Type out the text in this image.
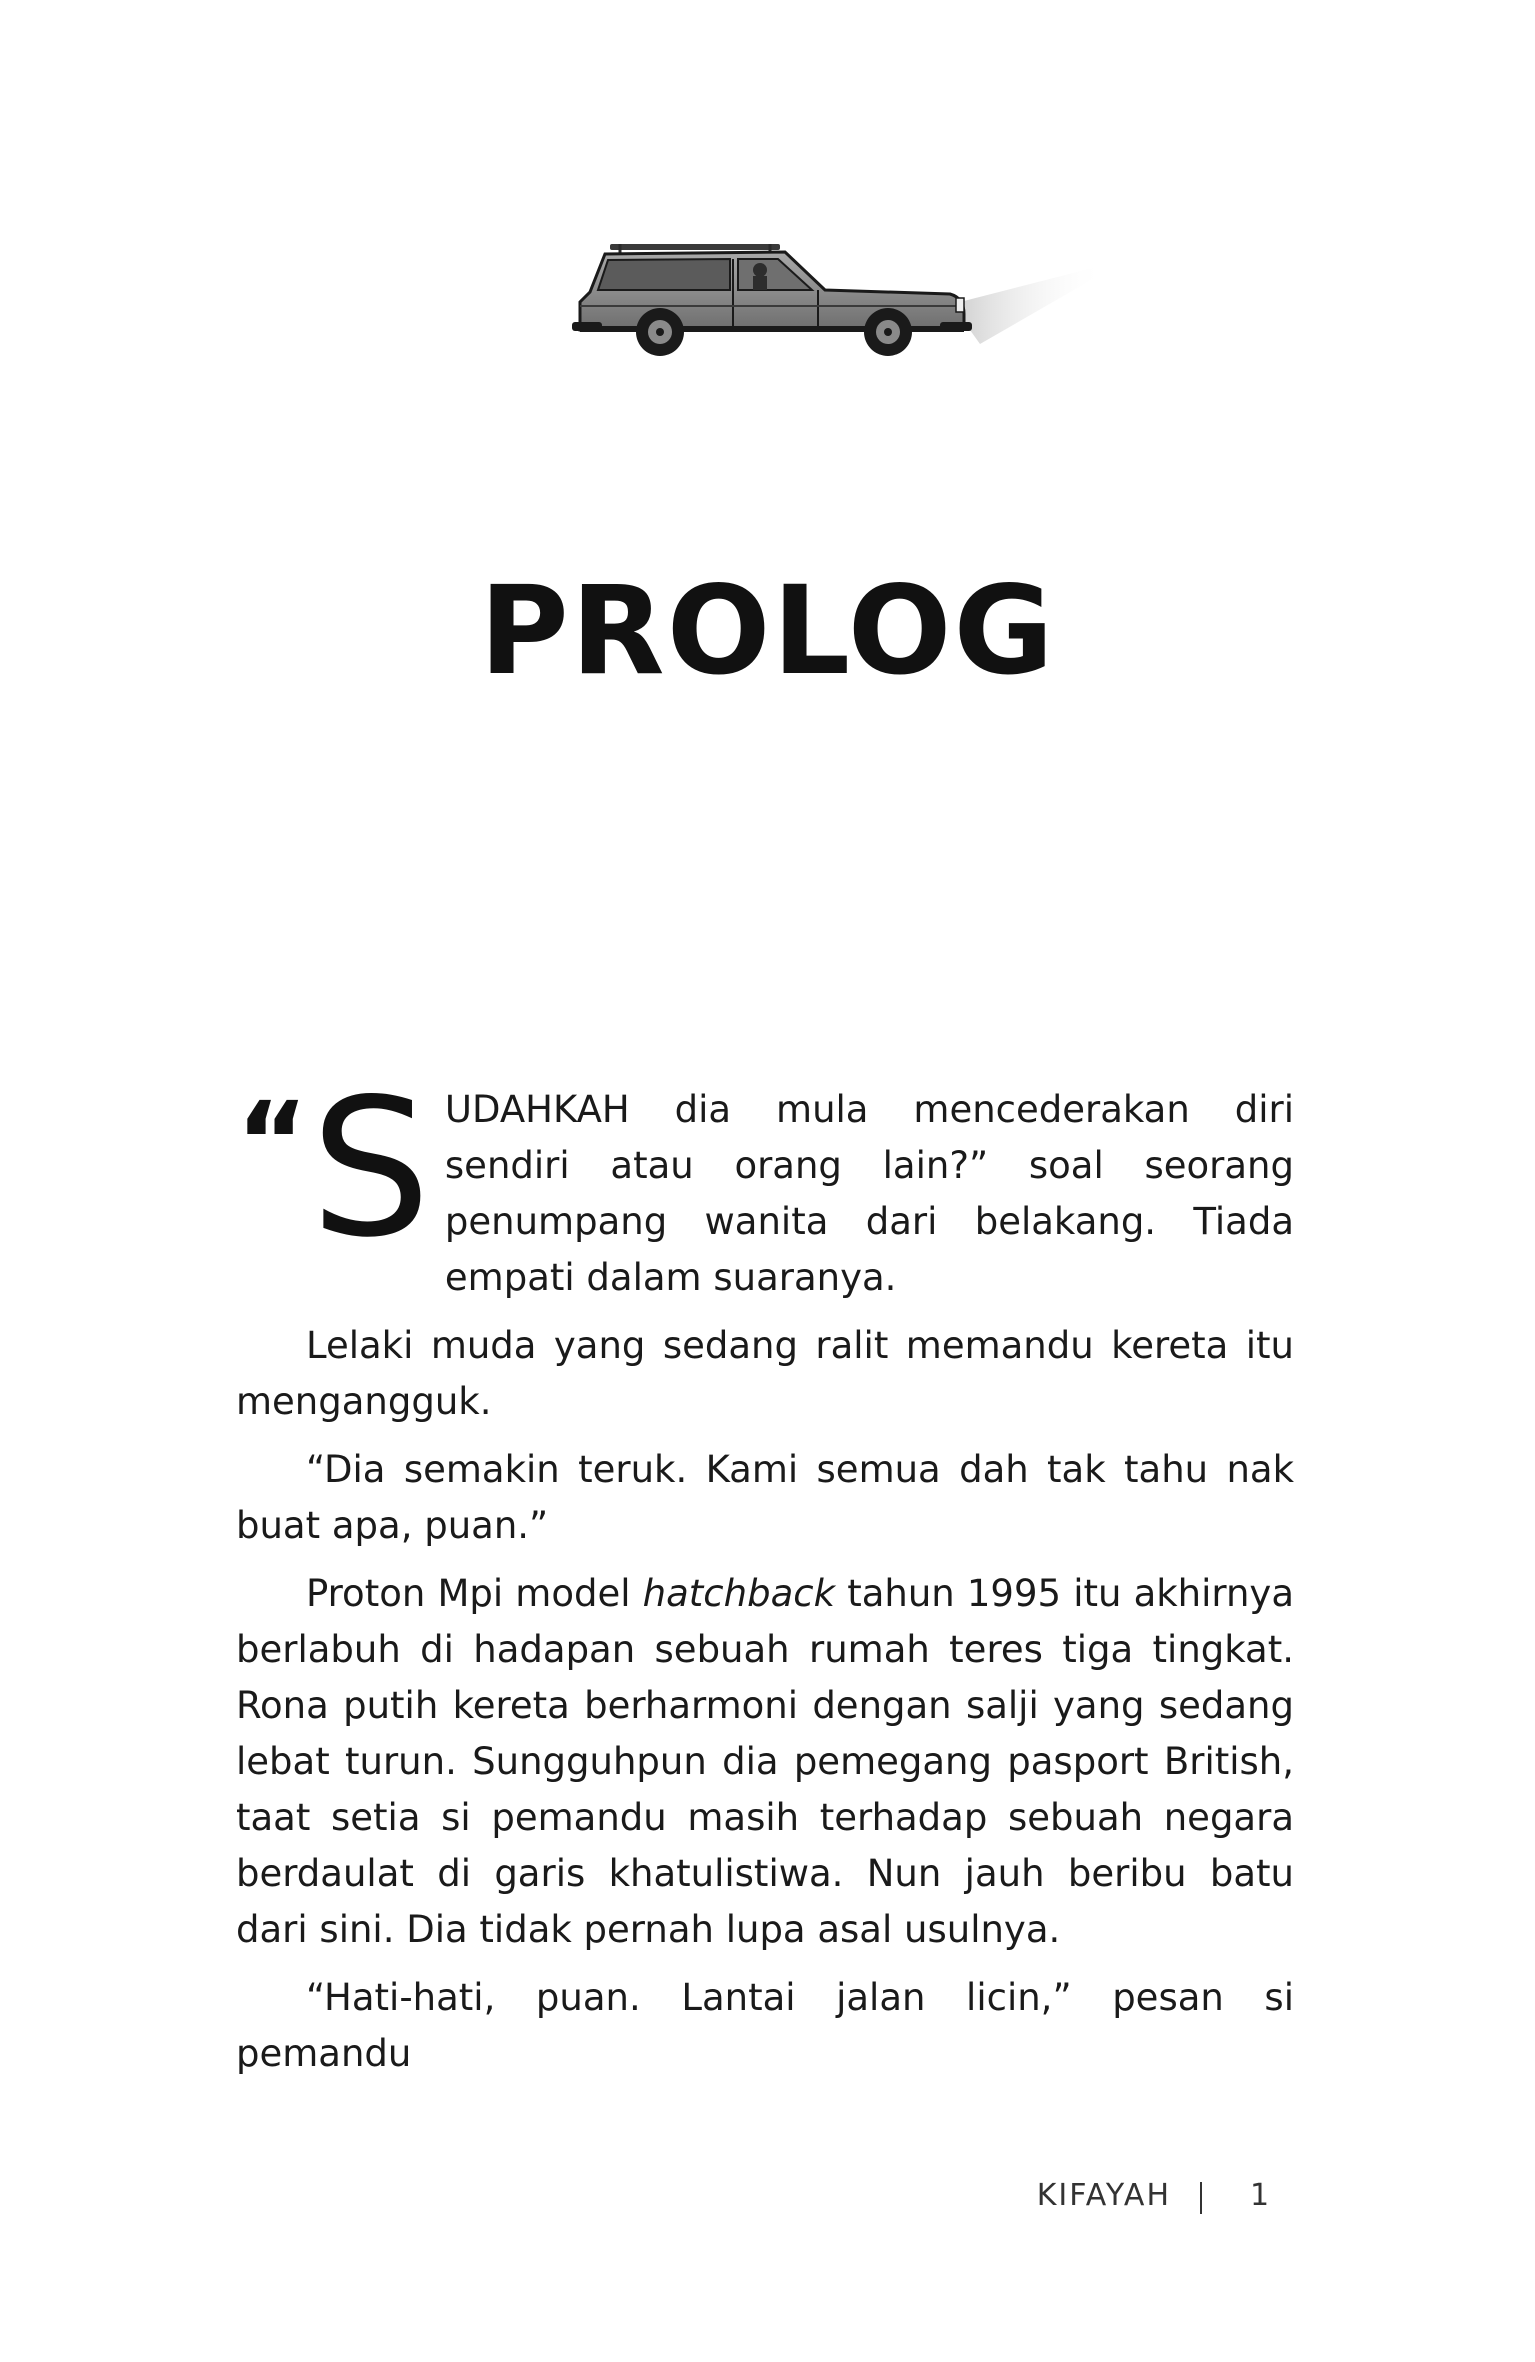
PROLOG

“ S UDAHKAH dia mula mencederakan diri sendiri atau orang lain?” soal seorang penumpang wanita dari belakang. Tiada empati dalam suaranya.

Lelaki muda yang sedang ralit memandu kereta itu mengangguk.

“Dia semakin teruk. Kami semua dah tak tahu nak buat apa, puan.”

Proton Mpi model hatchback tahun 1995 itu akhirnya berlabuh di hadapan sebuah rumah teres tiga tingkat. Rona putih kereta berharmoni dengan salji yang sedang lebat turun. Sungguhpun dia pemegang pasport British, taat setia si pemandu masih terhadap sebuah negara berdaulat di garis khatulistiwa. Nun jauh beribu batu dari sini. Dia tidak pernah lupa asal usulnya.

“Hati-hati, puan. Lantai jalan licin,” pesan si pemandu

KIFAYAH	1
